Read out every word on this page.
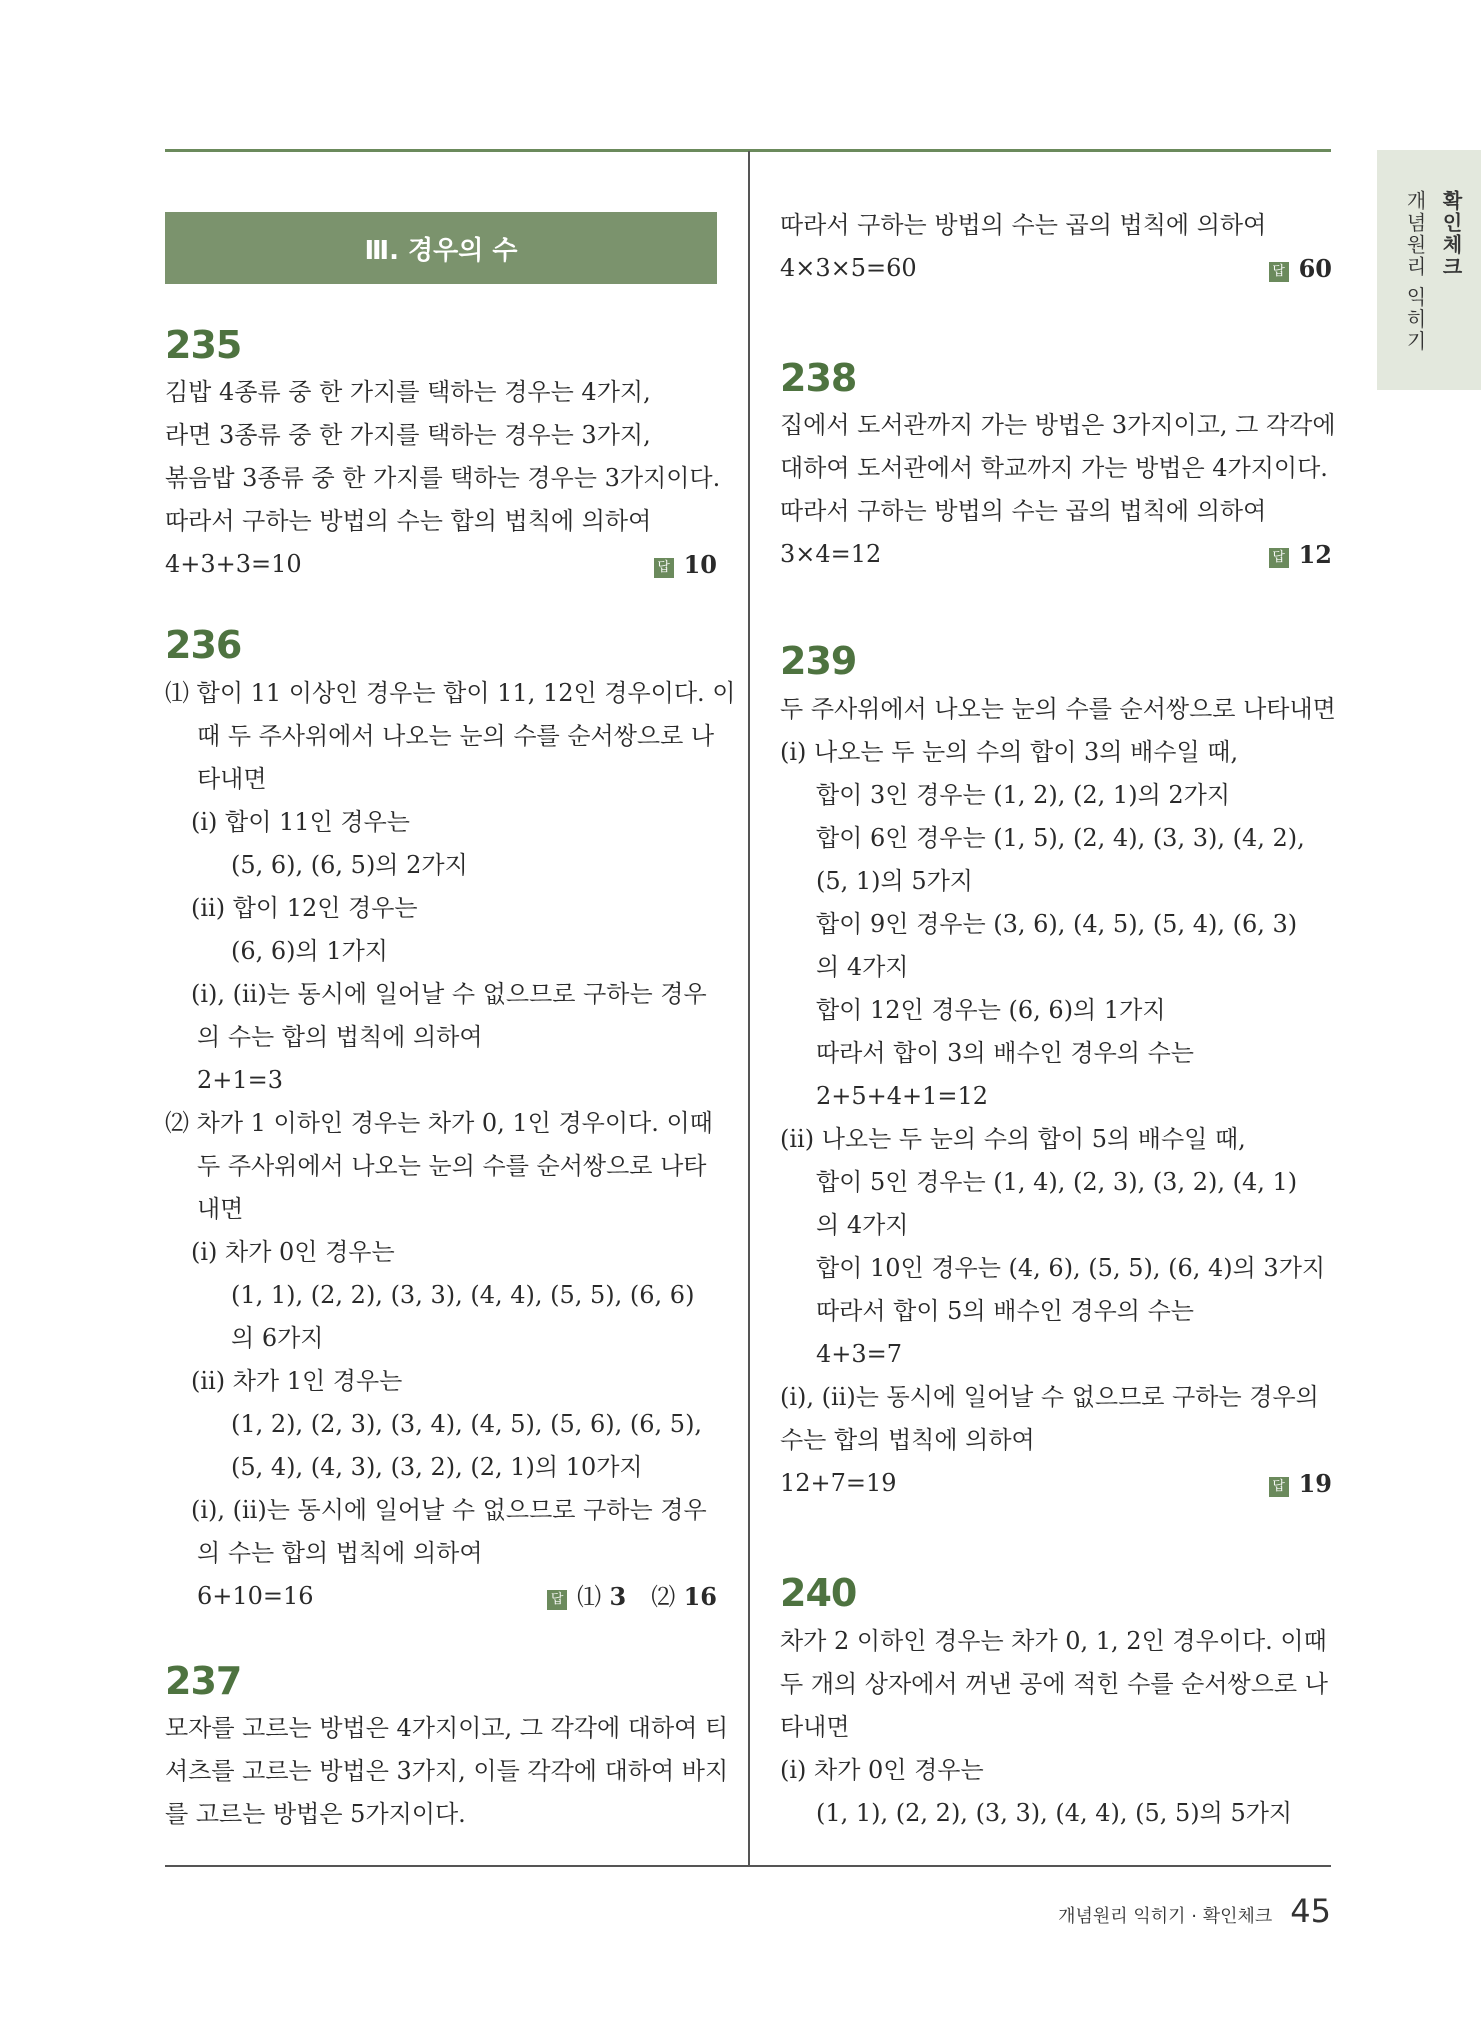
확인체크
개념원리 익히기
Ⅲ. 경우의 수
235
김밥 4종류 중 한 가지를 택하는 경우는 4가지,
라면 3종류 중 한 가지를 택하는 경우는 3가지,
볶음밥 3종류 중 한 가지를 택하는 경우는 3가지이다.
따라서 구하는 방법의 수는 합의 법칙에 의하여
4+3+3=10	답 10
236
⑴ 합이 11 이상인 경우는 합이 11, 12인 경우이다. 이
때 두 주사위에서 나오는 눈의 수를 순서쌍으로 나
타내면
(ⅰ) 합이 11인 경우는
(5, 6), (6, 5)의 2가지
(ⅱ) 합이 12인 경우는
(6, 6)의 1가지
(ⅰ), (ⅱ)는 동시에 일어날 수 없으므로 구하는 경우
의 수는 합의 법칙에 의하여
2+1=3
⑵ 차가 1 이하인 경우는 차가 0, 1인 경우이다. 이때
두 주사위에서 나오는 눈의 수를 순서쌍으로 나타
내면
(ⅰ) 차가 0인 경우는
(1, 1), (2, 2), (3, 3), (4, 4), (5, 5), (6, 6)
의 6가지
(ⅱ) 차가 1인 경우는
(1, 2), (2, 3), (3, 4), (4, 5), (5, 6), (6, 5),
(5, 4), (4, 3), (3, 2), (2, 1)의 10가지
(ⅰ), (ⅱ)는 동시에 일어날 수 없으므로 구하는 경우
의 수는 합의 법칙에 의하여
6+10=16	답 ⑴ 3 ⑵ 16
237
모자를 고르는 방법은 4가지이고, 그 각각에 대하여 티
셔츠를 고르는 방법은 3가지, 이들 각각에 대하여 바지
를 고르는 방법은 5가지이다.
따라서 구하는 방법의 수는 곱의 법칙에 의하여
4×3×5=60	답 60
238
집에서 도서관까지 가는 방법은 3가지이고, 그 각각에
대하여 도서관에서 학교까지 가는 방법은 4가지이다.
따라서 구하는 방법의 수는 곱의 법칙에 의하여
3×4=12	답 12
239
두 주사위에서 나오는 눈의 수를 순서쌍으로 나타내면
(ⅰ) 나오는 두 눈의 수의 합이 3의 배수일 때,
합이 3인 경우는 (1, 2), (2, 1)의 2가지
합이 6인 경우는 (1, 5), (2, 4), (3, 3), (4, 2),
(5, 1)의 5가지
합이 9인 경우는 (3, 6), (4, 5), (5, 4), (6, 3)
의 4가지
합이 12인 경우는 (6, 6)의 1가지
따라서 합이 3의 배수인 경우의 수는
2+5+4+1=12
(ⅱ) 나오는 두 눈의 수의 합이 5의 배수일 때,
합이 5인 경우는 (1, 4), (2, 3), (3, 2), (4, 1)
의 4가지
합이 10인 경우는 (4, 6), (5, 5), (6, 4)의 3가지
따라서 합이 5의 배수인 경우의 수는
4+3=7
(ⅰ), (ⅱ)는 동시에 일어날 수 없으므로 구하는 경우의
수는 합의 법칙에 의하여
12+7=19	답 19
240
차가 2 이하인 경우는 차가 0, 1, 2인 경우이다. 이때
두 개의 상자에서 꺼낸 공에 적힌 수를 순서쌍으로 나
타내면
(ⅰ) 차가 0인 경우는
(1, 1), (2, 2), (3, 3), (4, 4), (5, 5)의 5가지
개념원리 익히기 · 확인체크 45
